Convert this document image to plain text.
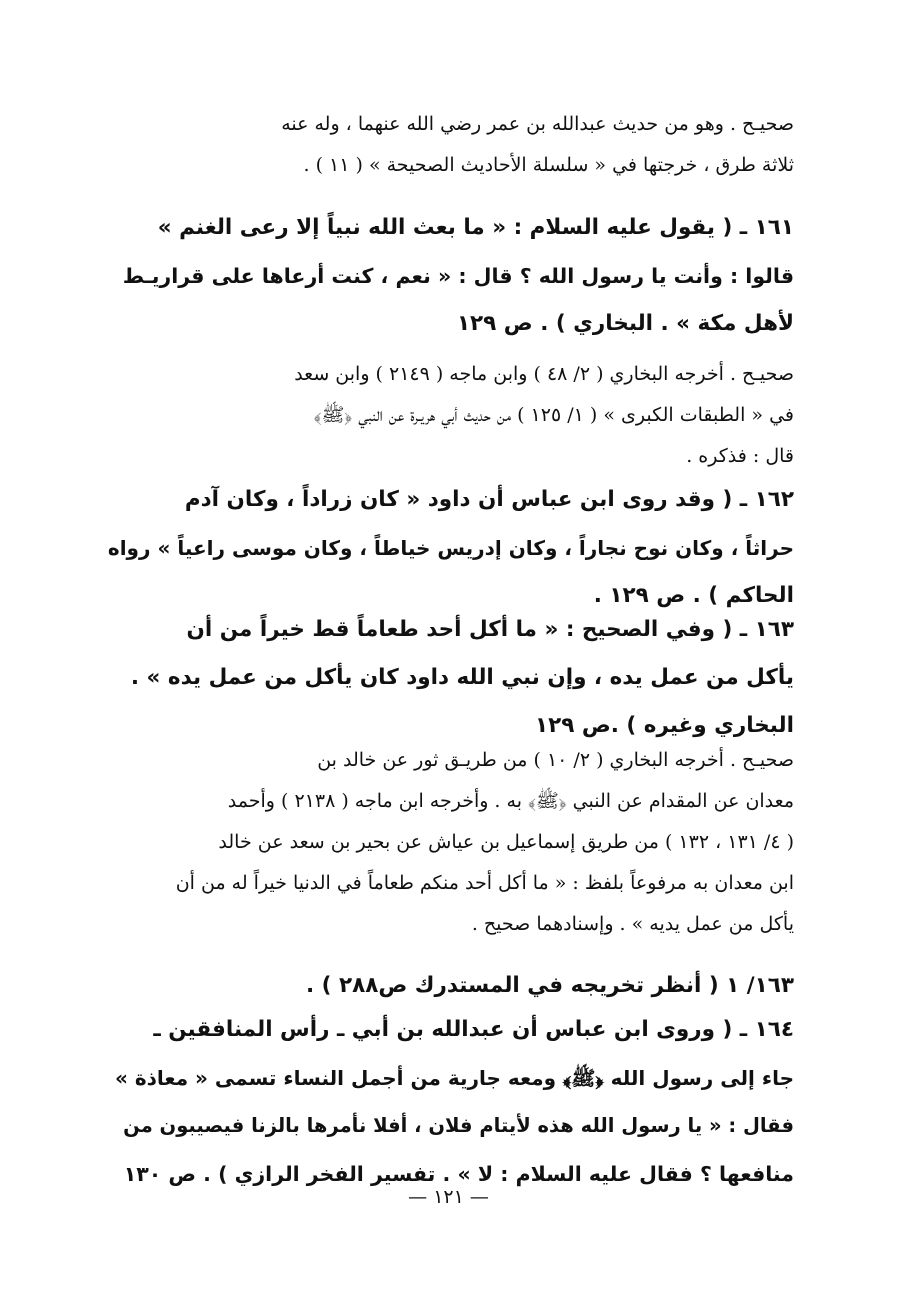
صحيـح . وهو من حديث عبدالله بن عمر رضي الله عنهما ، وله عنه
ثلاثة طرق ، خرجتها في « سلسلة الأحاديث الصحيحة » ( ١١ ) .
١٦١ ـ ( يقول عليه السلام : « ما بعث الله نبياً إلا رعى الغنم »
قالوا : وأنت يا رسول الله ؟ قال : « نعم ، كنت أرعاها على قراريـط
لأهل مكة » . البخاري ) . ص ١٢٩
صحيـح . أخرجه البخاري ( ٢/ ٤٨ ) وابن ماجه ( ٢١٤٩ ) وابن سعد
في « الطبقات الكبرى » ( ١/ ١٢٥ ) من حديث أبي هريـرة عن النبي ﴿ﷺ﴾
قال : فذكره .
١٦٢ ـ ( وقد روى ابن عباس أن داود « كان زراداً ، وكان آدم
حراثاً ، وكان نوح نجاراً ، وكان إدريس خياطاً ، وكان موسى راعياً » رواه
الحاكم ) . ص ١٢٩ .
١٦٣ ـ ( وفي الصحيح : « ما أكل أحد طعاماً قط خيراً من أن
يأكل من عمل يده ، وإن نبي الله داود كان يأكل من عمل يده » .
البخاري وغيره ) .ص ١٢٩
صحيـح . أخرجه البخاري ( ٢/ ١٠ ) من طريـق ثور عن خالد بن
معدان عن المقدام عن النبي ﴿ﷺ﴾ به . وأخرجه ابن ماجه ( ٢١٣٨ ) وأحمد
( ٤/ ١٣١ ، ١٣٢ ) من طريق إسماعيل بن عياش عن بحير بن سعد عن خالد
ابن معدان به مرفوعاً بلفظ : « ما أكل أحد منكم طعاماً في الدنيا خيراً له من أن
يأكل من عمل يديه » . وإسنادهما صحيح .
١٦٣/ ١ ( أنظر تخريجه في المستدرك ص٢٨٨ ) .
١٦٤ ـ ( وروى ابن عباس أن عبدالله بن أبي ـ رأس المنافقين ـ
جاء إلى رسول الله ﴿ﷺ﴾ ومعه جارية من أجمل النساء تسمى « معاذة »
فقال : « يا رسول الله هذه لأيتام فلان ، أفلا نأمرها بالزنا فيصيبون من
منافعها ؟ فقال عليه السلام : لا » . تفسير الفخر الرازي ) . ص ١٣٠
— ١٢١ —
